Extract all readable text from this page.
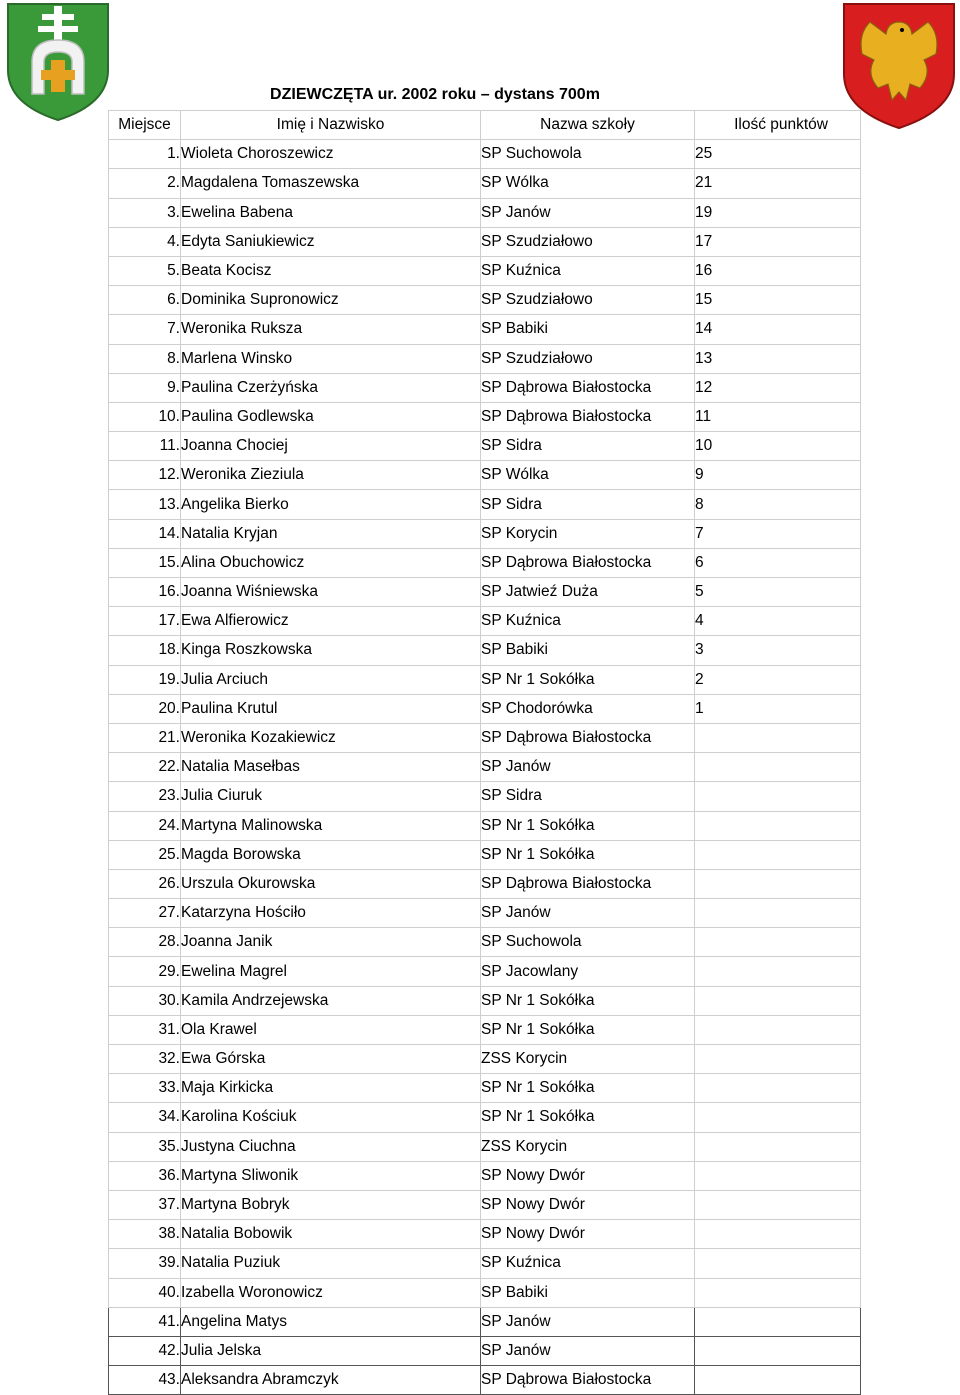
DZIEWCZĘTA ur. 2002 roku – dystans 700m
Miejsce	Imię i Nazwisko	Nazwa szkoły	Ilość punktów
1.	Wioleta Choroszewicz	SP Suchowola	25
2.	Magdalena Tomaszewska	SP Wólka	21
3.	Ewelina Babena	SP Janów	19
4.	Edyta Saniukiewicz	SP Szudziałowo	17
5.	Beata Kocisz	SP Kuźnica	16
6.	Dominika Supronowicz	SP Szudziałowo	15
7.	Weronika Ruksza	SP Babiki	14
8.	Marlena Winsko	SP Szudziałowo	13
9.	Paulina Czerżyńska	SP Dąbrowa Białostocka	12
10.	Paulina Godlewska	SP Dąbrowa Białostocka	11
11.	Joanna Chociej	SP Sidra	10
12.	Weronika Zieziula	SP Wólka	9
13.	Angelika Bierko	SP Sidra	8
14.	Natalia Kryjan	SP Korycin	7
15.	Alina Obuchowicz	SP Dąbrowa Białostocka	6
16.	Joanna Wiśniewska	SP Jatwieź Duża	5
17.	Ewa Alfierowicz	SP Kuźnica	4
18.	Kinga Roszkowska	SP Babiki	3
19.	Julia Arciuch	SP Nr 1 Sokółka	2
20.	Paulina Krutul	SP Chodorówka	1
21.	Weronika Kozakiewicz	SP Dąbrowa Białostocka	
22.	Natalia Masełbas	SP Janów	
23.	Julia Ciuruk	SP Sidra	
24.	Martyna Malinowska	SP Nr 1 Sokółka	
25.	Magda Borowska	SP Nr 1 Sokółka	
26.	Urszula Okurowska	SP Dąbrowa Białostocka	
27.	Katarzyna Hościło	SP Janów	
28.	Joanna Janik	SP Suchowola	
29.	Ewelina Magrel	SP Jacowlany	
30.	Kamila Andrzejewska	SP Nr 1 Sokółka	
31.	Ola Krawel	SP Nr 1 Sokółka	
32.	Ewa Górska	ZSS Korycin	
33.	Maja Kirkicka	SP Nr 1 Sokółka	
34.	Karolina Kościuk	SP Nr 1 Sokółka	
35.	Justyna Ciuchna	ZSS Korycin	
36.	Martyna Sliwonik	SP Nowy Dwór	
37.	Martyna Bobryk	SP Nowy Dwór	
38.	Natalia Bobowik	SP Nowy Dwór	
39.	Natalia Puziuk	SP Kuźnica	
40.	Izabella Woronowicz	SP Babiki	
41.	Angelina Matys	SP Janów	
42.	Julia Jelska	SP Janów	
43.	Aleksandra Abramczyk	SP Dąbrowa Białostocka	
